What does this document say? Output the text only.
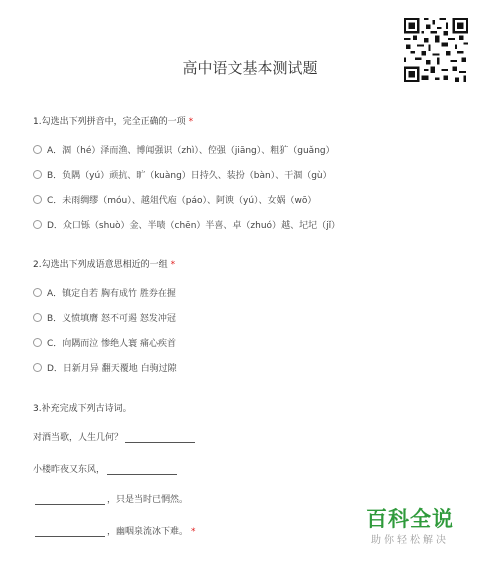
高中语文基本测试题
1.勾选出下列拼音中，完全正确的一项 *
A．涸（hé）泽而渔、博闻强识（zhì）、倥强（jiāng）、粗犷（guǎng）
B．负隅（yú）顽抗、旷（kuàng）日持久、装扮（bàn）、干涸（gù）
C．未雨绸缪（móu）、越俎代庖（páo）、阿谀（yú）、女娲（wō）
D．众口铄（shuò）金、半啧（chēn）半喜、卓（zhuó）越、圮圮（jǐ）
2.勾选出下列成语意思相近的一组 *
A．镇定自若 胸有成竹 胜券在握
B．义愤填膺 怒不可遏 怒发冲冠
C．向隅而泣 惨绝人寰 痛心疾首
D．日新月异 翻天覆地 白驹过隙
3.补充完成下列古诗词。
对酒当歌，人生几何？
小楼昨夜又东风，
，只是当时已惘然。
，幽咽泉流冰下难。 *
百科全说
助你轻松解决
